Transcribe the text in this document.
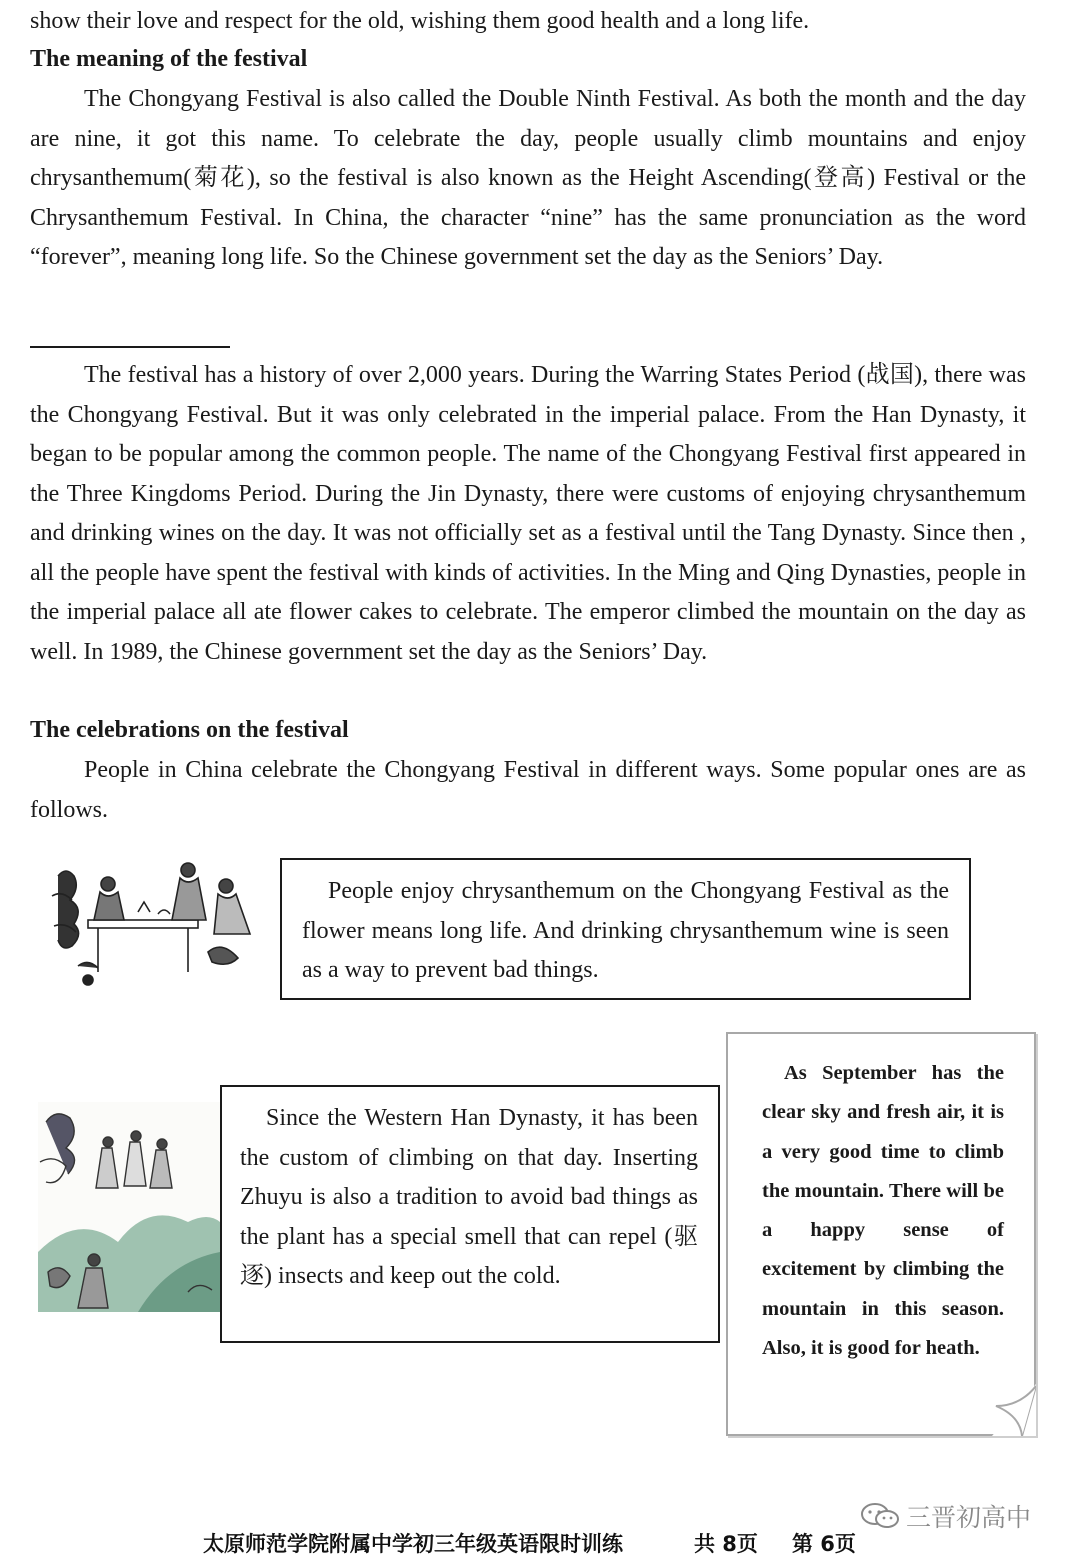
show their love and respect for the old, wishing them good health and a long life.

The meaning of the festival

The Chongyang Festival is also called the Double Ninth Festival. As both the month and the day are nine, it got this name. To celebrate the day, people usually climb mountains and enjoy chrysanthemum(菊花), so the festival is also known as the Height Ascending(登高) Festival or the Chrysanthemum Festival. In China, the character “nine” has the same pronunciation as the word “forever”, meaning long life. So the Chinese government set the day as the Seniors’ Day.

The festival has a history of over 2,000 years. During the Warring States Period (战国), there was the Chongyang Festival. But it was only celebrated in the imperial palace. From the Han Dynasty, it began to be popular among the common people. The name of the Chongyang Festival first appeared in the Three Kingdoms Period. During the Jin Dynasty, there were customs of enjoying chrysanthemum and drinking wines on the day. It was not officially set as a festival until the Tang Dynasty. Since then , all the people have spent the festival with kinds of activities. In the Ming and Qing Dynasties, people in the imperial palace all ate flower cakes to celebrate. The emperor climbed the mountain on the day as well. In 1989, the Chinese government set the day as the Seniors’ Day.

The celebrations on the festival

People in China celebrate the Chongyang Festival in different ways. Some popular ones are as follows.

People enjoy chrysanthemum on the Chongyang Festival as the flower means long life. And drinking chrysanthemum wine is seen as a way to prevent bad things.

Since the Western Han Dynasty, it has been the custom of climbing on that day. Inserting Zhuyu is also a tradition to avoid bad things as the plant has a special smell that can repel (驱逐) insects and keep out the cold.

As September has the clear sky and fresh air, it is a very good time to climb the mountain. There will be a happy sense of excitement by climbing the mountain in this season. Also, it is good for heath.

三晋初高中
太原师范学院附属中学初三年级英语限时训练	共 8页 第 6页
